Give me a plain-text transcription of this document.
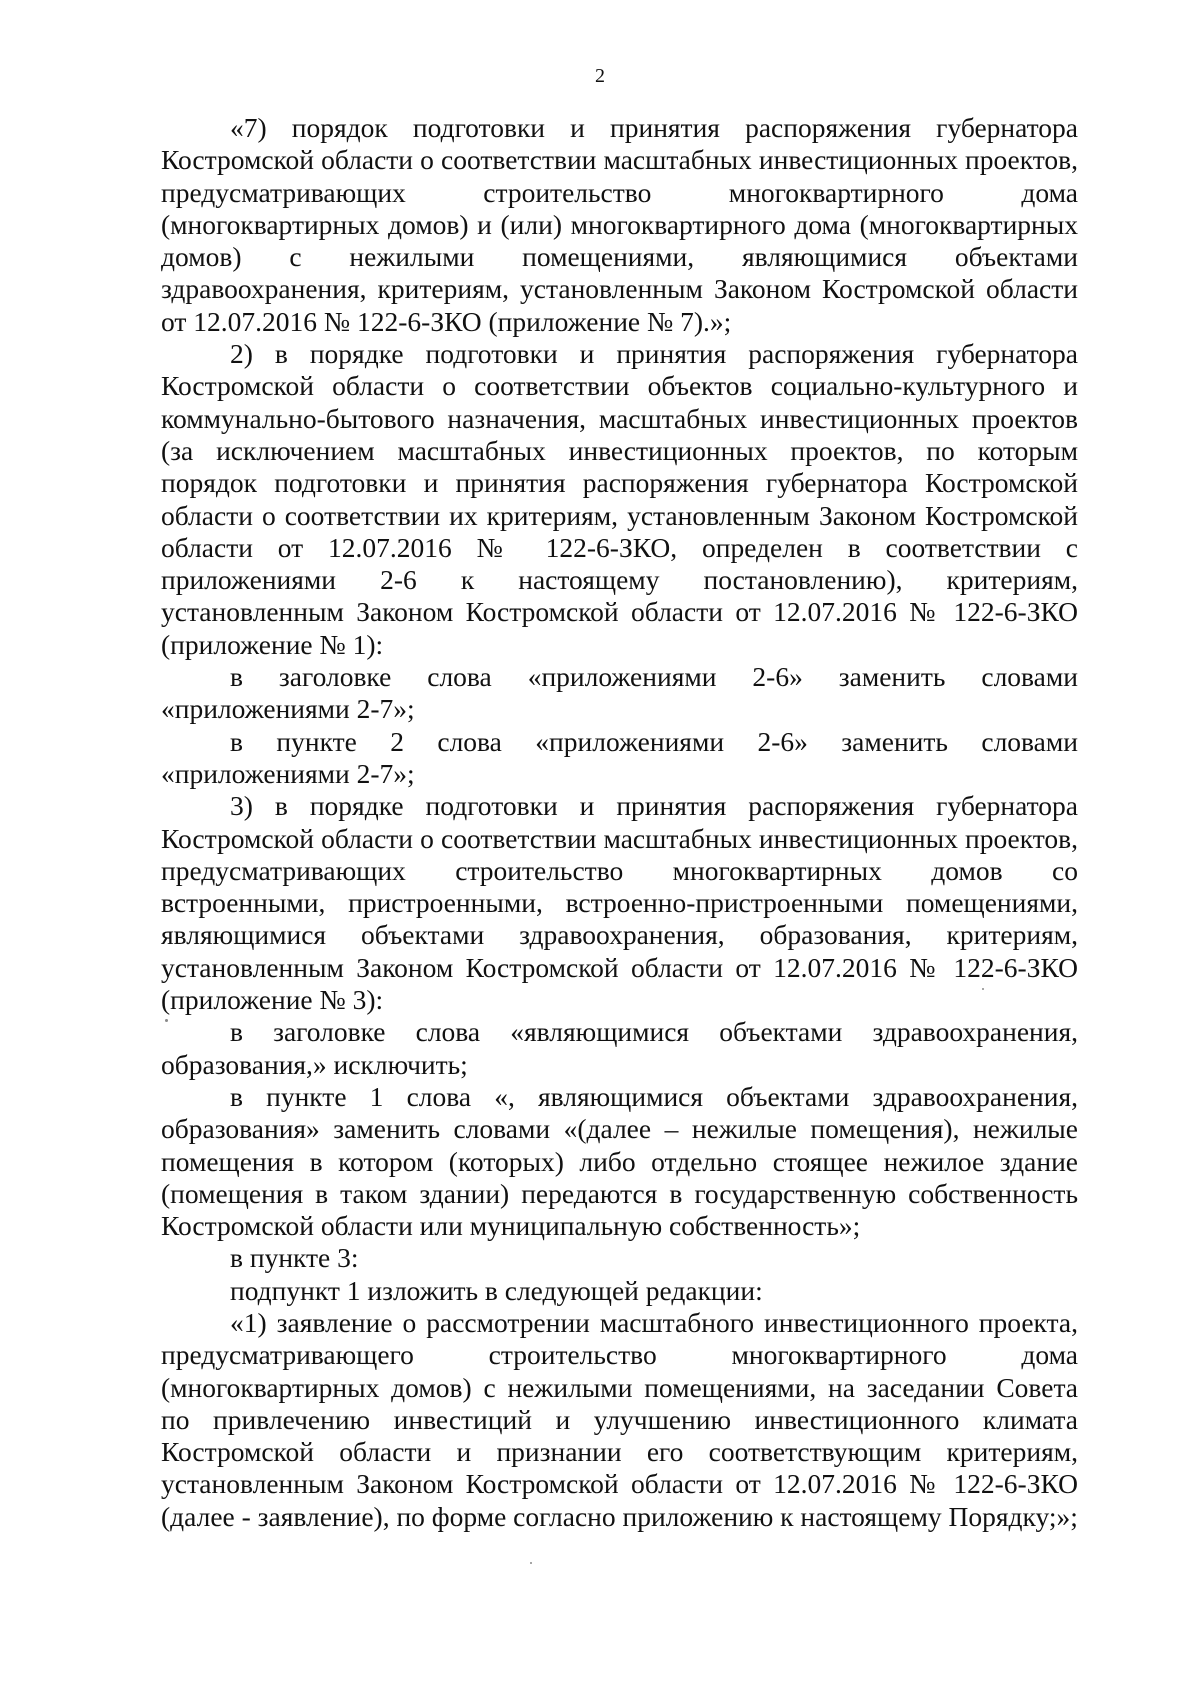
2

«7) порядок подготовки и принятия распоряжения губернатора Костромской области о соответствии масштабных инвестиционных проектов, предусматривающих строительство многоквартирного дома (многоквартирных домов) и (или) многоквартирного дома (многоквартирных домов) с нежилыми помещениями, являющимися объектами здравоохранения, критериям, установленным Законом Костромской области от 12.07.2016 № 122-6-ЗКО (приложение № 7).»;

2) в порядке подготовки и принятия распоряжения губернатора Костромской области о соответствии объектов социально-культурного и коммунально-бытового назначения, масштабных инвестиционных проектов (за исключением масштабных инвестиционных проектов, по которым порядок подготовки и принятия распоряжения губернатора Костромской области о соответствии их критериям, установленным Законом Костромской области от 12.07.2016 № 122-6-ЗКО, определен в соответствии с приложениями 2-6 к настоящему постановлению), критериям, установленным Законом Костромской области от 12.07.2016 № 122-6-ЗКО (приложение № 1):

в заголовке слова «приложениями 2-6» заменить словами «приложениями 2-7»;

в пункте 2 слова «приложениями 2-6» заменить словами «приложениями 2-7»;

3) в порядке подготовки и принятия распоряжения губернатора Костромской области о соответствии масштабных инвестиционных проектов, предусматривающих строительство многоквартирных домов со встроенными, пристроенными, встроенно-пристроенными помещениями, являющимися объектами здравоохранения, образования, критериям, установленным Законом Костромской области от 12.07.2016 № 122-6-ЗКО (приложение № 3):

в заголовке слова «являющимися объектами здравоохранения, образования,» исключить;

в пункте 1 слова «, являющимися объектами здравоохранения, образования» заменить словами «(далее – нежилые помещения), нежилые помещения в котором (которых) либо отдельно стоящее нежилое здание (помещения в таком здании) передаются в государственную собственность Костромской области или муниципальную собственность»;

в пункте 3:

подпункт 1 изложить в следующей редакции:

«1) заявление о рассмотрении масштабного инвестиционного проекта, предусматривающего строительство многоквартирного дома (многоквартирных домов) с нежилыми помещениями, на заседании Совета по привлечению инвестиций и улучшению инвестиционного климата Костромской области и признании его соответствующим критериям, установленным Законом Костромской области от 12.07.2016 № 122-6-ЗКО (далее - заявление), по форме согласно приложению к настоящему Порядку;»;
